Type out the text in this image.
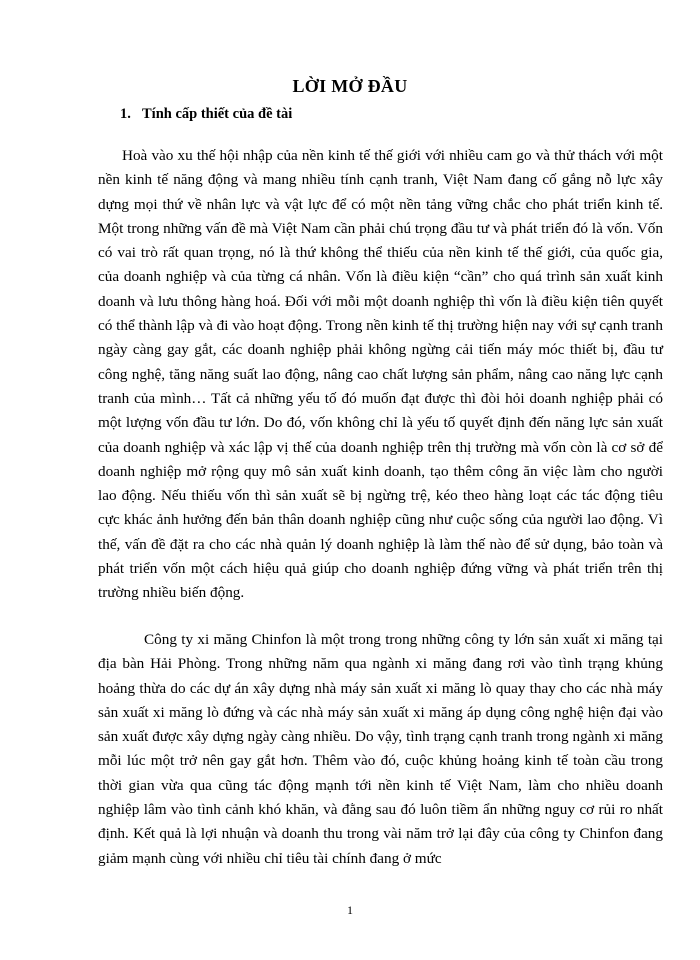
LỜI MỞ ĐẦU
1. Tính cấp thiết của đề tài

Hoà vào xu thế hội nhập của nền kinh tế thế giới với nhiều cam go và thử thách với một nền kinh tế năng động và mang nhiều tính cạnh tranh, Việt Nam đang cố gắng nỗ lực xây dựng mọi thứ về nhân lực và vật lực để có một nền tảng vững chắc cho phát triển kinh tế. Một trong những vấn đề mà Việt Nam cần phải chú trọng đầu tư và phát triển đó là vốn. Vốn có vai trò rất quan trọng, nó là thứ không thể thiếu của nền kinh tế thế giới, của quốc gia, của doanh nghiệp và của từng cá nhân. Vốn là điều kiện “cần” cho quá trình sản xuất kinh doanh và lưu thông hàng hoá. Đối với mỗi một doanh nghiệp thì vốn là điều kiện tiên quyết có thể thành lập và đi vào hoạt động. Trong nền kinh tế thị trường hiện nay với sự cạnh tranh ngày càng gay gắt, các doanh nghiệp phải không ngừng cải tiến máy móc thiết bị, đầu tư công nghệ, tăng năng suất lao động, nâng cao chất lượng sản phẩm, nâng cao năng lực cạnh tranh của mình… Tất cả những yếu tố đó muốn đạt được thì đòi hỏi doanh nghiệp phải có một lượng vốn đầu tư lớn. Do đó, vốn không chỉ là yếu tố quyết định đến năng lực sản xuất của doanh nghiệp và xác lập vị thế của doanh nghiệp trên thị trường mà vốn còn là cơ sở để doanh nghiệp mở rộng quy mô sản xuất kinh doanh, tạo thêm công ăn việc làm cho người lao động. Nếu thiếu vốn thì sản xuất sẽ bị ngừng trệ, kéo theo hàng loạt các tác động tiêu cực khác ảnh hưởng đến bản thân doanh nghiệp cũng như cuộc sống của người lao động. Vì thế, vấn đề đặt ra cho các nhà quản lý doanh nghiệp là làm thế nào để sử dụng, bảo toàn và phát triển vốn một cách hiệu quả giúp cho doanh nghiệp đứng vững và phát triển trên thị trường nhiều biến động.

Công ty xi măng Chinfon là một trong trong những công ty lớn sản xuất xi măng tại địa bàn Hải Phòng. Trong những năm qua ngành xi măng đang rơi vào tình trạng khủng hoảng thừa do các dự án xây dựng nhà máy sản xuất xi măng lò quay thay cho các nhà máy sản xuất xi măng lò đứng và các nhà máy sản xuất xi măng áp dụng công nghệ hiện đại vào sản xuất được xây dựng ngày càng nhiều. Do vậy, tình trạng cạnh tranh trong ngành xi măng mỗi lúc một trở nên gay gắt hơn. Thêm vào đó, cuộc khủng hoảng kinh tế toàn cầu trong thời gian vừa qua cũng tác động mạnh tới nền kinh tế Việt Nam, làm cho nhiều doanh nghiệp lâm vào tình cảnh khó khăn, và đằng sau đó luôn tiềm ẩn những nguy cơ rủi ro nhất định. Kết quả là lợi nhuận và doanh thu trong vài năm trở lại đây của công ty Chinfon đang giảm mạnh cùng với nhiều chỉ tiêu tài chính đang ở mức

1
